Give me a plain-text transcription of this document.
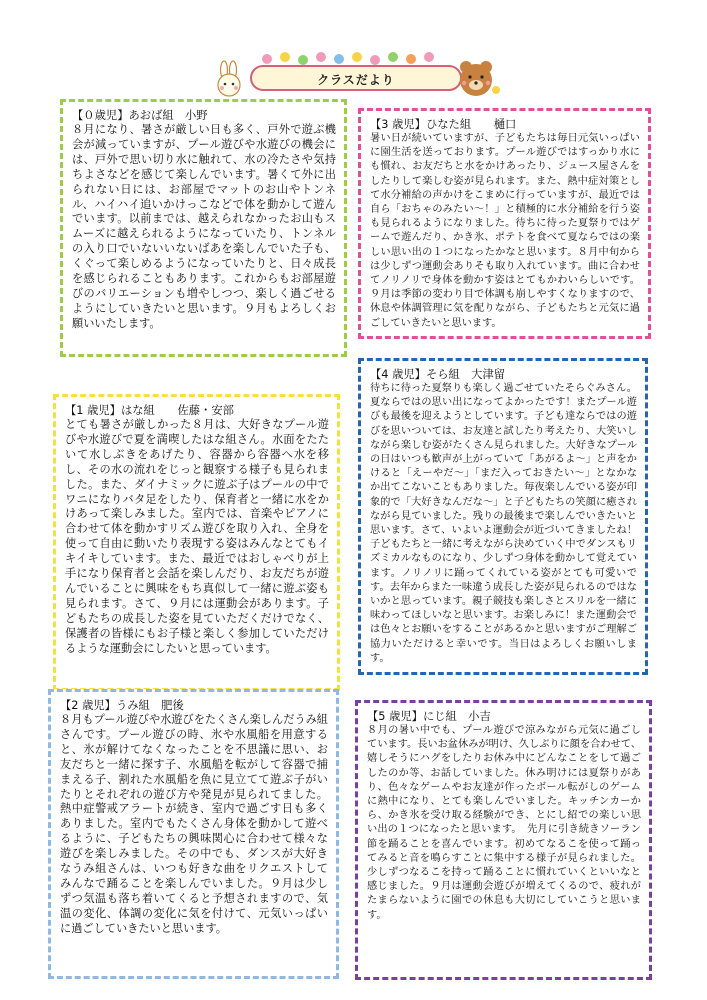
クラスだより
【０歳児】あおば組　小野
８月になり、暑さが厳しい日も多く、戸外で遊ぶ機会が減っていますが、プール遊びや水遊びの機会には、戸外で思い切り水に触れて、水の冷たさや気持ちよさなどを感じて楽しんでいます。暑くて外に出られない日には、お部屋でマットのお山やトンネル、ハイハイ追いかけっこなどで体を動かして遊んでいます。以前までは、越えられなかったお山もスムーズに越えられるようになっていたり、トンネルの入り口でいないいないばあを楽しんでいた子も、くぐって楽しめるようになっていたりと、日々成長を感じられることもあります。これからもお部屋遊びのバリエーションも増やしつつ、楽しく過ごせるようにしていきたいと思います。９月もよろしくお願いいたします。
【3 歳児】ひなた組　　樋口
暑い日が続いていますが、子どもたちは毎日元気いっぱいに園生活を送っております。プール遊びではすっかり水にも慣れ、お友だちと水をかけあったり、ジュース屋さんをしたりして楽しむ姿が見られます。また、熱中症対策として水分補給の声かけをこまめに行っていますが、最近では自ら「おちゃのみたい～！」と積極的に水分補給を行う姿も見られるようになりました。待ちに待った夏祭りではゲームで遊んだり、かき氷、ポテトを食べて夏ならではの楽しい思い出の１つになったかなと思います。８月中旬からは少しずつ運動会ありそも取り入れています。曲に合わせてノリノリで身体を動かす姿はとてもかわいらしいです。９月は季節の変わり目で体調も崩しやすくなりますので、休息や体調管理に気を配りながら、子どもたちと元気に過ごしていきたいと思います。
【1 歳児】はな組　　佐藤・安部
とても暑さが厳しかった８月は、大好きなプール遊びや水遊びで夏を満喫したはな組さん。水面をたたいて水しぶきをあげたり、容器から容器へ水を移し、その水の流れをじっと観察する様子も見られました。また、ダイナミックに遊ぶ子はプールの中でワニになりバタ足をしたり、保育者と一緒に水をかけあって楽しみました。室内では、音楽やピアノに合わせて体を動かすリズム遊びを取り入れ、全身を使って自由に動いたり表現する姿はみんなとてもイキイキしています。また、最近ではおしゃべりが上手になり保育者と会話を楽しんだり、お友だちが遊んでいることに興味をもち真似して一緒に遊ぶ姿も見られます。さて、９月には運動会があります。子どもたちの成長した姿を見ていただくだけでなく、保護者の皆様にもお子様と楽しく参加していただけるような運動会にしたいと思っています。
【4 歳児】そら組　大津留
待ちに待った夏祭りも楽しく過ごせていたそらぐみさん。夏ならではの思い出になってよかったです！またプール遊びも最後を迎えようとしています。子ども達ならではの遊びを思いついては、お友達と試したり考えたり、大笑いしながら楽しむ姿がたくさん見られました。大好きなプールの日はいつも歓声が上がっていて「あがるよ～」と声をかけると「えーやだ～」「まだ入っておきたい～」となかなか出てこないこともありました。毎夜楽しんでいる姿が印象的で「大好きなんだな～」と子どもたちの笑顔に癒されながら見ていました。残りの最後まで楽しんでいきたいと思います。さて、いよいよ運動会が近づいてきましたね！子どもたちと一緒に考えながら決めていく中でダンスもリズミカルなものになり、少しずつ身体を動かして覚えています。ノリノリに踊ってくれている姿がとても可愛いです。去年からまた一味違う成長した姿が見られるのではないかと思っています。親子競技も楽しさとスリルを一緒に味わってほしいなと思います。お楽しみに！また運動会では色々とお願いをすることがあるかと思いますがご理解ご協力いただけると幸いです。当日はよろしくお願いします。
【2 歳児】うみ組　肥後
８月もプール遊びや水遊びをたくさん楽しんだうみ組さんです。プール遊びの時、氷や水風船を用意すると、氷が解けてなくなったことを不思議に思い、お友だちと一緒に探す子、水風船を転がして容器で捕まえる子、割れた水風船を魚に見立てて遊ぶ子がいたりとそれぞれの遊び方や発見が見られてました。熱中症警戒アラートが続き、室内で過ごす日も多くありました。室内でもたくさん身体を動かして遊べるように、子どもたちの興味関心に合わせて様々な遊びを楽しみました。その中でも、ダンスが大好きなうみ組さんは、いつも好きな曲をリクエストしてみんなで踊ることを楽しんでいました。９月は少しずつ気温も落ち着いてくると予想されますので、気温の変化、体調の変化に気を付けて、元気いっぱいに過ごしていきたいと思います。
【5 歳児】にじ組　小吉
８月の暑い中でも、プール遊びで涼みながら元気に過ごしています。長いお盆休みが明け、久しぶりに顔を合わせて、嬉しそうにハグをしたりお休み中にどんなことをして過ごしたのか等、お話していました。休み明けには夏祭りがあり、色々なゲームやお友達が作ったボール転がしのゲームに熱中になり、とても楽しんでいました。キッチンカーから、かき氷を受け取る経験ができ、とにし紹での楽しい思い出の１つになったと思います。　先月に引き続きソーラン節を踊ることを喜んでいます。初めてなるこを使って踊ってみると音を鳴らすことに集中する様子が見られました。少しずつなるこを持って踊ることに慣れていくといいなと感じました。９月は運動会遊びが増えてくるので、疲れがたまらないように園での休息も大切にしていこうと思います。
